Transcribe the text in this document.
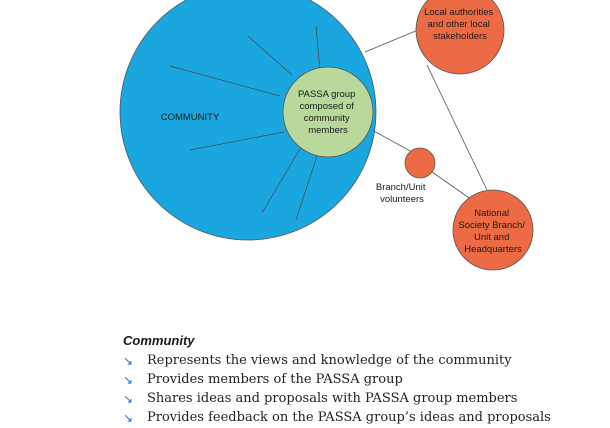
COMMUNITY
PASSA group composed of community members
Local authorities and other local stakeholders
Branch/Unit volunteers
National Society Branch/ Unit and Headquarters
Community
↘ Represents the views and knowledge of the community
↘ Provides members of the PASSA group
↘ Shares ideas and proposals with PASSA group members
↘ Provides feedback on the PASSA group’s ideas and proposals
